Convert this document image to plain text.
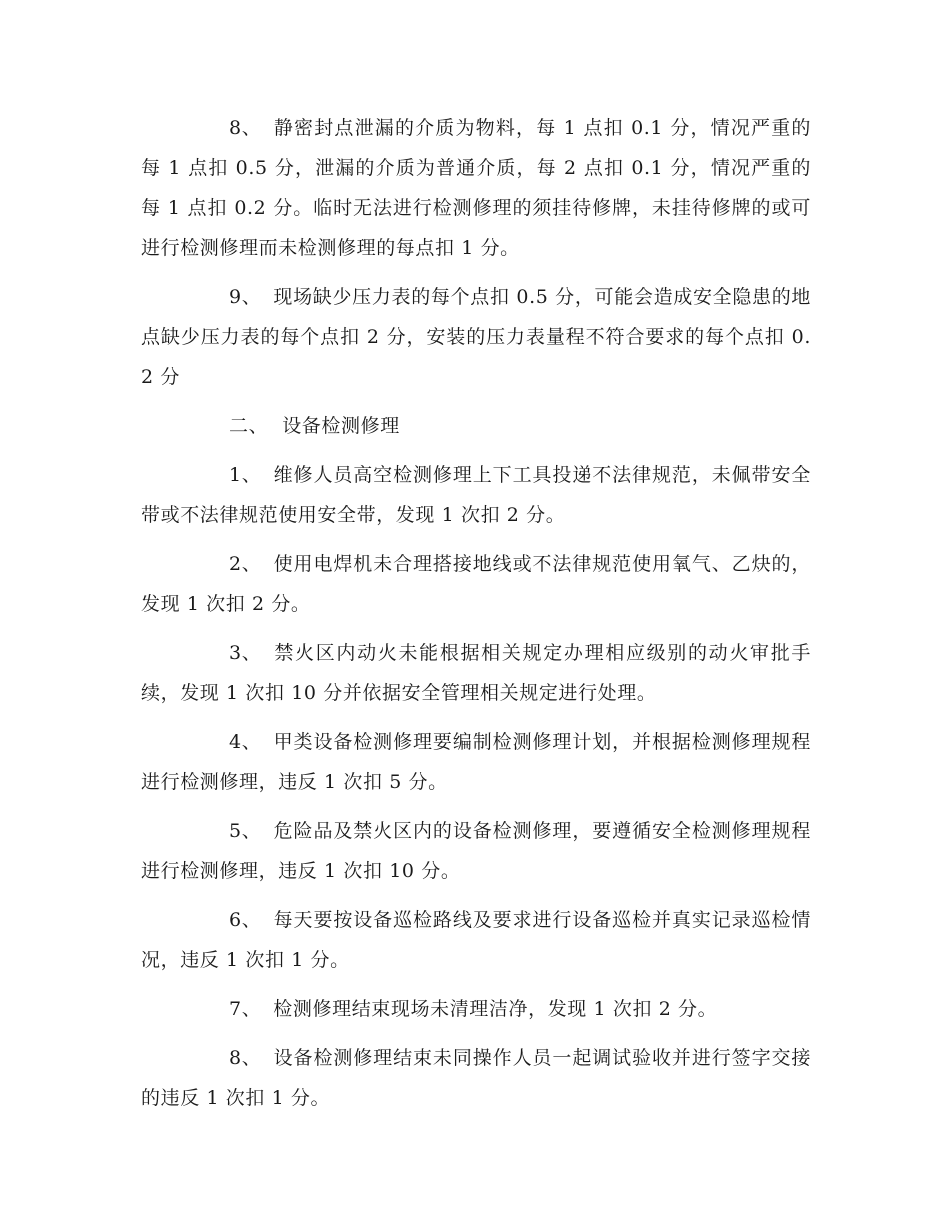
8、 静密封点泄漏的介质为物料，每 1 点扣 0.1 分，情况严重的每 1 点扣 0.5 分，泄漏的介质为普通介质，每 2 点扣 0.1 分，情况严重的每 1 点扣 0.2 分。临时无法进行检测修理的须挂待修牌，未挂待修牌的或可进行检测修理而未检测修理的每点扣 1 分。

9、 现场缺少压力表的每个点扣 0.5 分，可能会造成安全隐患的地点缺少压力表的每个点扣 2 分，安装的压力表量程不符合要求的每个点扣 0.2 分

二、 设备检测修理

1、 维修人员高空检测修理上下工具投递不法律规范，未佩带安全带或不法律规范使用安全带，发现 1 次扣 2 分。

2、 使用电焊机未合理搭接地线或不法律规范使用氧气、乙炔的，发现 1 次扣 2 分。

3、 禁火区内动火未能根据相关规定办理相应级别的动火审批手续，发现 1 次扣 10 分并依据安全管理相关规定进行处理。

4、 甲类设备检测修理要编制检测修理计划，并根据检测修理规程进行检测修理，违反 1 次扣 5 分。

5、 危险品及禁火区内的设备检测修理，要遵循安全检测修理规程进行检测修理，违反 1 次扣 10 分。

6、 每天要按设备巡检路线及要求进行设备巡检并真实记录巡检情况，违反 1 次扣 1 分。

7、 检测修理结束现场未清理洁净，发现 1 次扣 2 分。

8、 设备检测修理结束未同操作人员一起调试验收并进行签字交接的违反 1 次扣 1 分。
